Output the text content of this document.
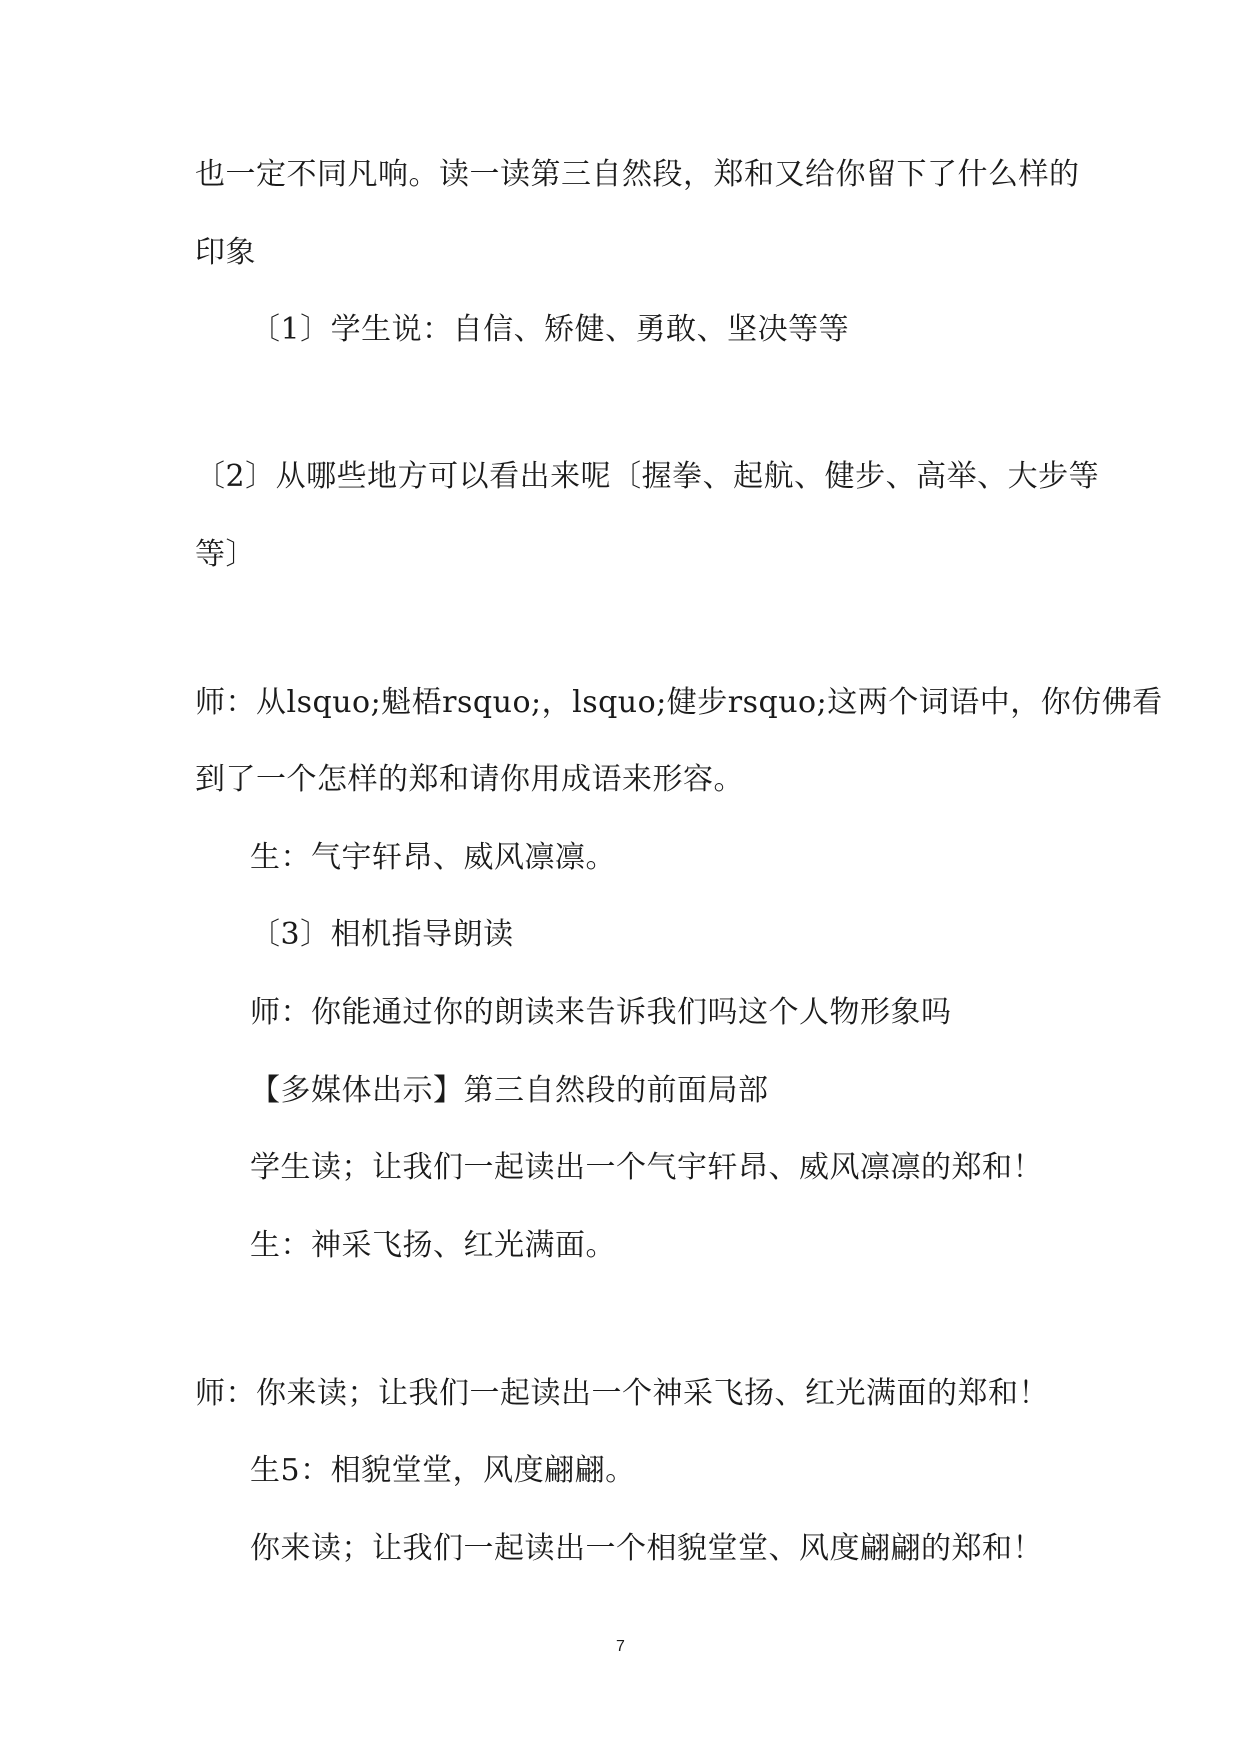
也一定不同凡响。读一读第三自然段，郑和又给你留下了什么样的
印象
〔1〕学生说：自信、矫健、勇敢、坚决等等
〔2〕从哪些地方可以看出来呢〔握拳、起航、健步、高举、大步等
等〕
师：从lsquo;魁梧rsquo;，lsquo;健步rsquo;这两个词语中，你仿佛看
到了一个怎样的郑和请你用成语来形容。
生：气宇轩昂、威风凛凛。
〔3〕相机指导朗读
师：你能通过你的朗读来告诉我们吗这个人物形象吗
【多媒体出示】第三自然段的前面局部
学生读；让我们一起读出一个气宇轩昂、威风凛凛的郑和！
生：神采飞扬、红光满面。
师：你来读；让我们一起读出一个神采飞扬、红光满面的郑和！
生5：相貌堂堂，风度翩翩。
你来读；让我们一起读出一个相貌堂堂、风度翩翩的郑和！
7
